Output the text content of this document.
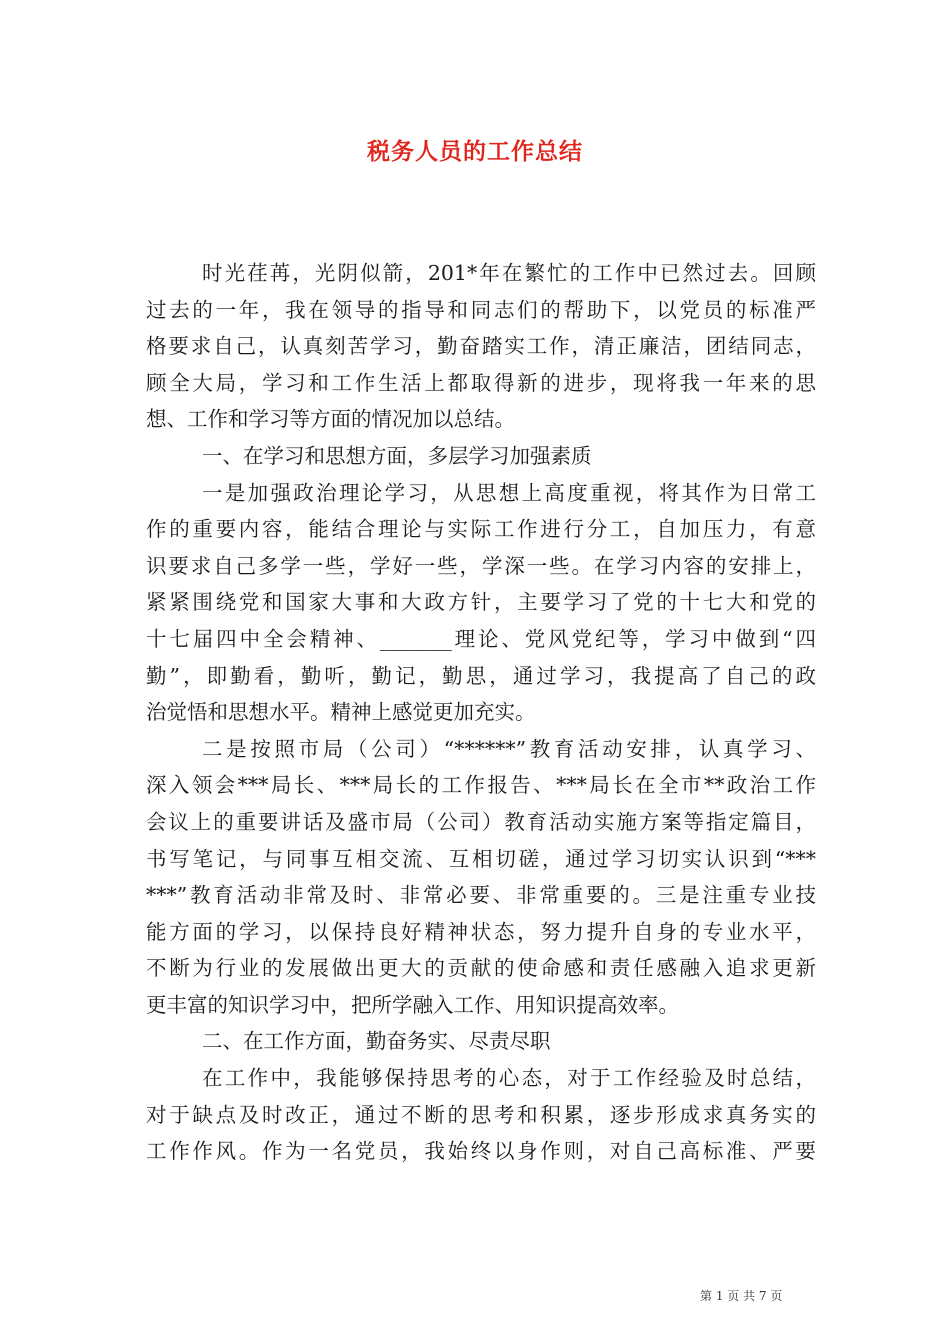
税务人员的工作总结
时光荏苒，光阴似箭，201*年在繁忙的工作中已然过去。回顾
过去的一年，我在领导的指导和同志们的帮助下，以党员的标准严
格要求自己，认真刻苦学习，勤奋踏实工作，清正廉洁，团结同志，
顾全大局，学习和工作生活上都取得新的进步，现将我一年来的思
想、工作和学习等方面的情况加以总结。
一、在学习和思想方面，多层学习加强素质
一是加强政治理论学习，从思想上高度重视，将其作为日常工
作的重要内容，能结合理论与实际工作进行分工，自加压力，有意
识要求自己多学一些，学好一些，学深一些。在学习内容的安排上，
紧紧围绕党和国家大事和大政方针，主要学习了党的十七大和党的
十七届四中全会精神、_______理论、党风党纪等，学习中做到“四
勤”，即勤看，勤听，勤记，勤思，通过学习，我提高了自己的政
治觉悟和思想水平。精神上感觉更加充实。
二是按照市局（公司）“******”教育活动安排，认真学习、
深入领会***局长、***局长的工作报告、***局长在全市**政治工作
会议上的重要讲话及盛市局（公司）教育活动实施方案等指定篇目，
书写笔记，与同事互相交流、互相切磋，通过学习切实认识到“***
***”教育活动非常及时、非常必要、非常重要的。三是注重专业技
能方面的学习，以保持良好精神状态，努力提升自身的专业水平，
不断为行业的发展做出更大的贡献的使命感和责任感融入追求更新
更丰富的知识学习中，把所学融入工作、用知识提高效率。
二、在工作方面，勤奋务实、尽责尽职
在工作中，我能够保持思考的心态，对于工作经验及时总结，
对于缺点及时改正，通过不断的思考和积累，逐步形成求真务实的
工作作风。作为一名党员，我始终以身作则，对自己高标准、严要
第 1 页 共 7 页
